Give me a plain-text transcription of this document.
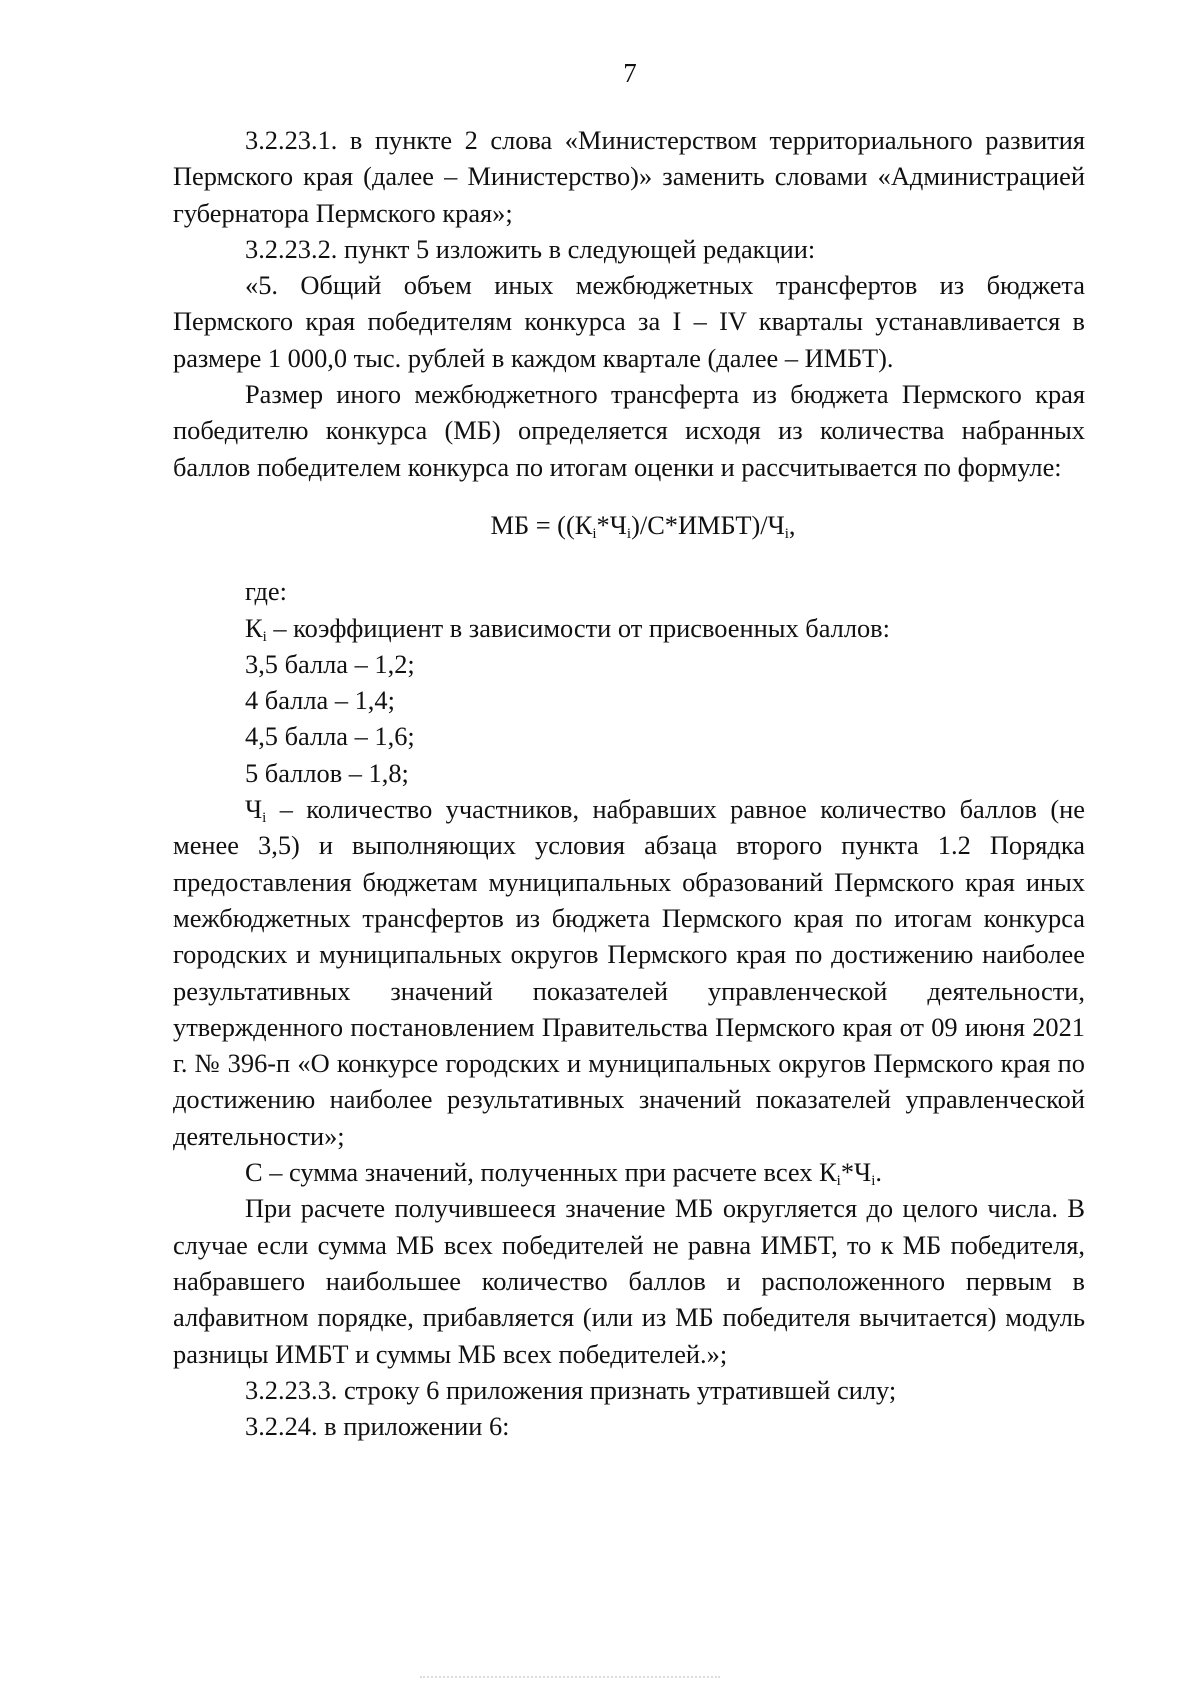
7

3.2.23.1. в пункте 2 слова «Министерством территориального развития Пермского края (далее – Министерство)» заменить словами «Администрацией губернатора Пермского края»;

3.2.23.2. пункт 5 изложить в следующей редакции:

«5. Общий объем иных межбюджетных трансфертов из бюджета Пермского края победителям конкурса за I – IV кварталы устанавливается в размере 1 000,0 тыс. рублей в каждом квартале (далее – ИМБТ).

Размер иного межбюджетного трансферта из бюджета Пермского края победителю конкурса (МБ) определяется исходя из количества набранных баллов победителем конкурса по итогам оценки и рассчитывается по формуле:

МБ = $((К_i*Ч_i)/С*ИМБТ)/Ч_i$,

где:

$К_i$ – коэффициент в зависимости от присвоенных баллов:

3,5 балла – 1,2;

4 балла – 1,4;

4,5 балла – 1,6;

5 баллов – 1,8;

$Ч_i$ – количество участников, набравших равное количество баллов (не менее 3,5) и выполняющих условия абзаца второго пункта 1.2 Порядка предоставления бюджетам муниципальных образований Пермского края иных межбюджетных трансфертов из бюджета Пермского края по итогам конкурса городских и муниципальных округов Пермского края по достижению наиболее результативных значений показателей управленческой деятельности, утвержденного постановлением Правительства Пермского края от 09 июня 2021 г. № 396-п «О конкурсе городских и муниципальных округов Пермского края по достижению наиболее результативных значений показателей управленческой деятельности»;

С – сумма значений, полученных при расчете всех $К_i*Ч_i$.

При расчете получившееся значение МБ округляется до целого числа. В случае если сумма МБ всех победителей не равна ИМБТ, то к МБ победителя, набравшего наибольшее количество баллов и расположенного первым в алфавитном порядке, прибавляется (или из МБ победителя вычитается) модуль разницы ИМБТ и суммы МБ всех победителей.»;

3.2.23.3. строку 6 приложения признать утратившей силу;

3.2.24. в приложении 6:
